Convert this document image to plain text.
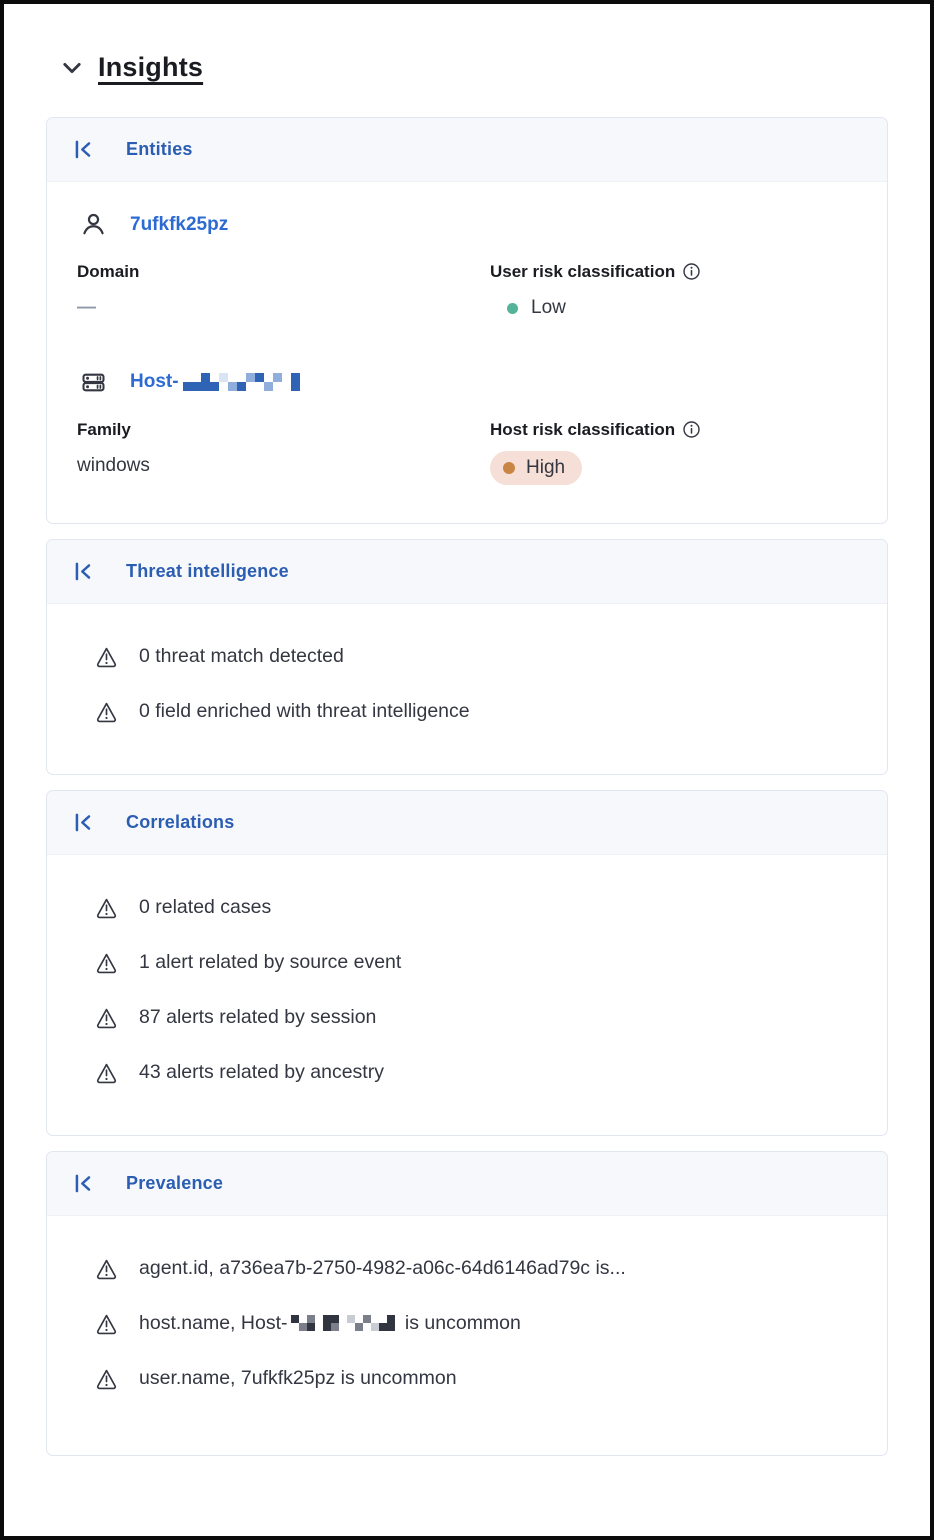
Insights
Entities
7ufkfk25pz
Domain
—
User risk classification
Low
Host-
Family
windows
Host risk classification
High
Threat intelligence
0 threat match detected
0 field enriched with threat intelligence
Correlations
0 related cases
1 alert related by source event
87 alerts related by session
43 alerts related by ancestry
Prevalence
agent.id, a736ea7b-2750-4982-a06c-64d6146ad79c is...
host.name, Host-	is uncommon
user.name, 7ufkfk25pz is uncommon
